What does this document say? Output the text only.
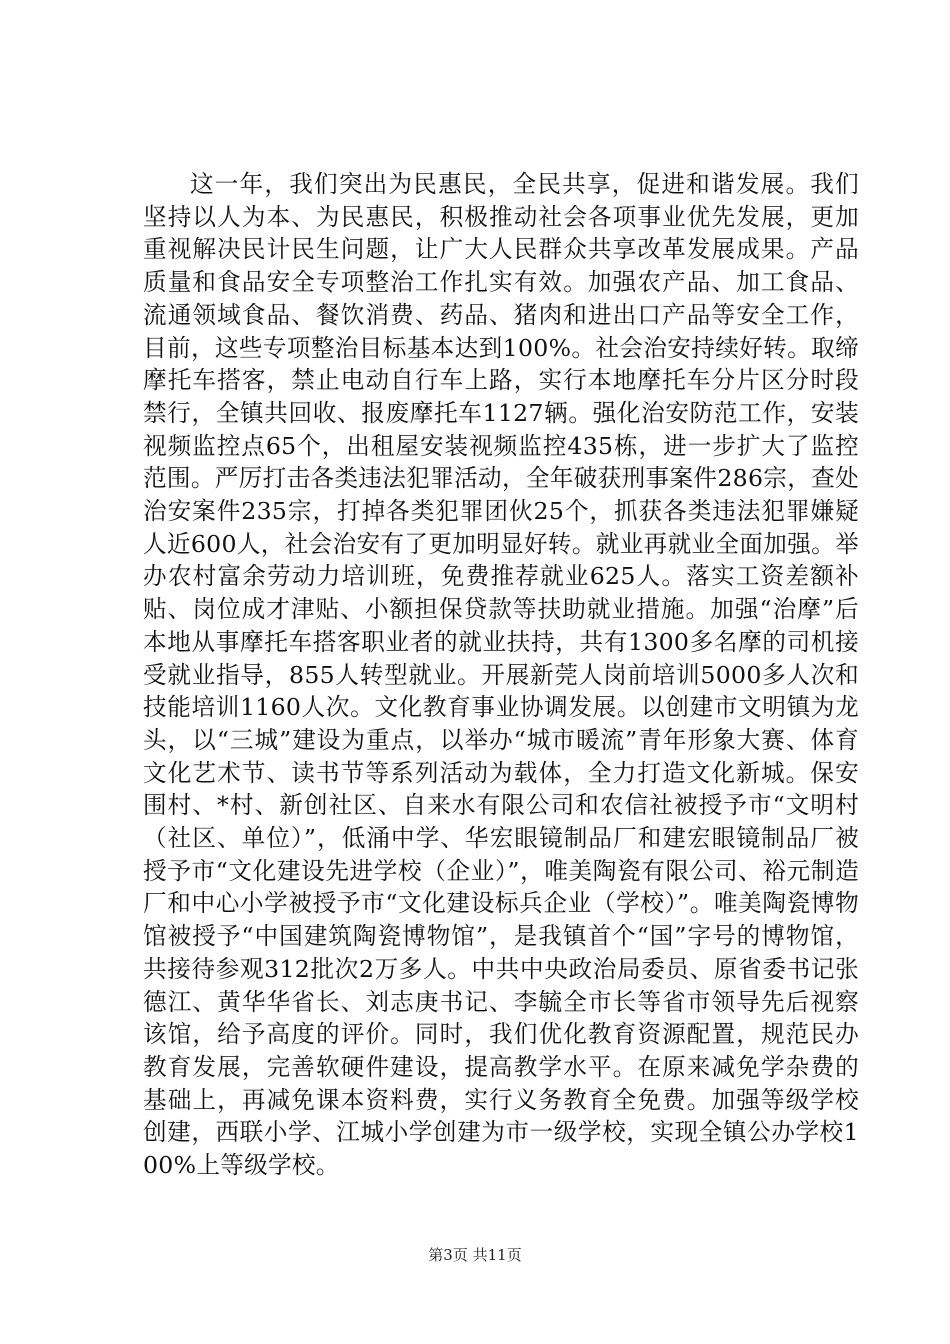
这一年，我们突出为民惠民，全民共享，促进和谐发展。我们坚持以人为本、为民惠民，积极推动社会各项事业优先发展，更加重视解决民计民生问题，让广大人民群众共享改革发展成果。产品质量和食品安全专项整治工作扎实有效。加强农产品、加工食品、流通领域食品、餐饮消费、药品、猪肉和进出口产品等安全工作，目前，这些专项整治目标基本达到100%。社会治安持续好转。取缔摩托车搭客，禁止电动自行车上路，实行本地摩托车分片区分时段禁行，全镇共回收、报废摩托车1127辆。强化治安防范工作，安装视频监控点65个，出租屋安装视频监控435栋，进一步扩大了监控范围。严厉打击各类违法犯罪活动，全年破获刑事案件286宗，查处治安案件235宗，打掉各类犯罪团伙25个，抓获各类违法犯罪嫌疑人近600人，社会治安有了更加明显好转。就业再就业全面加强。举办农村富余劳动力培训班，免费推荐就业625人。落实工资差额补贴、岗位成才津贴、小额担保贷款等扶助就业措施。加强“治摩”后本地从事摩托车搭客职业者的就业扶持，共有1300多名摩的司机接受就业指导，855人转型就业。开展新莞人岗前培训5000多人次和技能培训1160人次。文化教育事业协调发展。以创建市文明镇为龙头，以“三城”建设为重点，以举办“城市暖流”青年形象大赛、体育文化艺术节、读书节等系列活动为载体，全力打造文化新城。保安围村、*村、新创社区、自来水有限公司和农信社被授予市“文明村（社区、单位）”，低涌中学、华宏眼镜制品厂和建宏眼镜制品厂被授予市“文化建设先进学校（企业）”，唯美陶瓷有限公司、裕元制造厂和中心小学被授予市“文化建设标兵企业（学校）”。唯美陶瓷博物馆被授予“中国建筑陶瓷博物馆”，是我镇首个“国”字号的博物馆，共接待参观312批次2万多人。中共中央政治局委员、原省委书记张德江、黄华华省长、刘志庚书记、李毓全市长等省市领导先后视察该馆，给予高度的评价。同时，我们优化教育资源配置，规范民办教育发展，完善软硬件建设，提高教学水平。在原来减免学杂费的基础上，再减免课本资料费，实行义务教育全免费。加强等级学校创建，西联小学、江城小学创建为市一级学校，实现全镇公办学校100%上等级学校。

第3页 共11页
